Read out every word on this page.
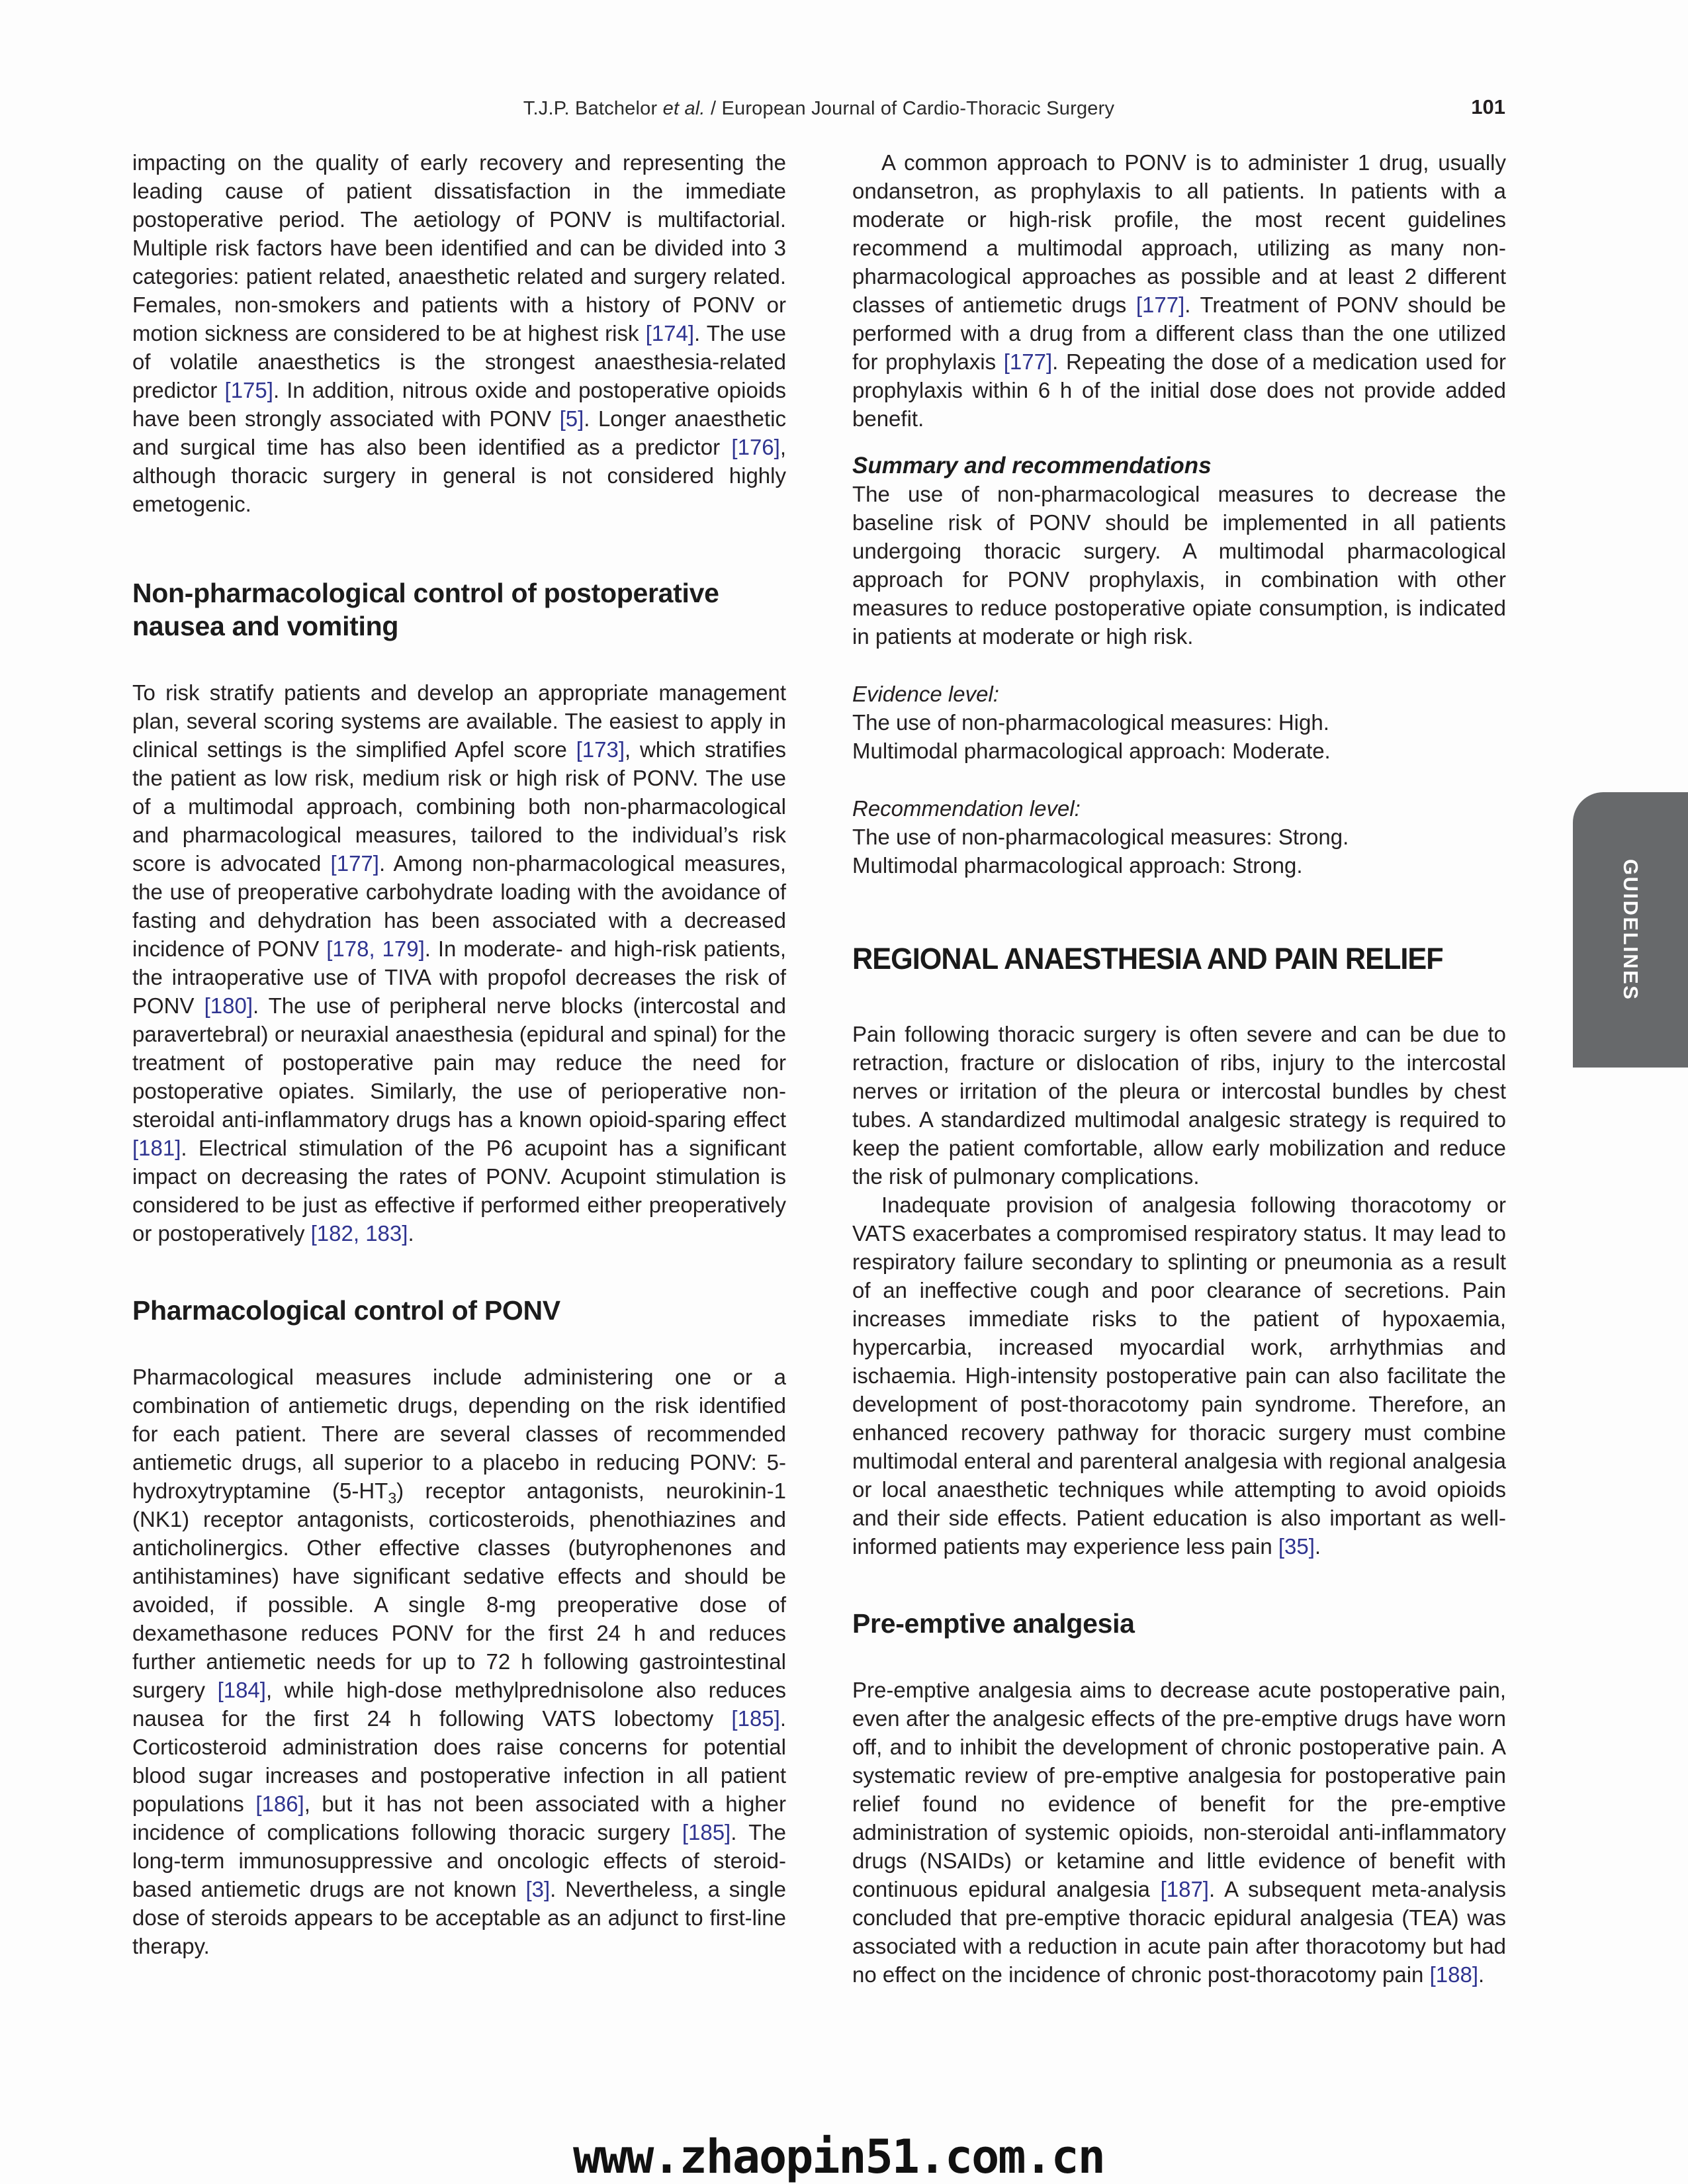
T.J.P. Batchelor et al. / European Journal of Cardio-Thoracic Surgery	101

impacting on the quality of early recovery and representing the leading cause of patient dissatisfaction in the immediate postoperative period. The aetiology of PONV is multifactorial. Multiple risk factors have been identified and can be divided into 3 categories: patient related, anaesthetic related and surgery related. Females, non-smokers and patients with a history of PONV or motion sickness are considered to be at highest risk [174]. The use of volatile anaesthetics is the strongest anaesthesia-related predictor [175]. In addition, nitrous oxide and postoperative opioids have been strongly associated with PONV [5]. Longer anaesthetic and surgical time has also been identified as a predictor [176], although thoracic surgery in general is not considered highly emetogenic.

Non-pharmacological control of postoperative nausea and vomiting

To risk stratify patients and develop an appropriate management plan, several scoring systems are available. The easiest to apply in clinical settings is the simplified Apfel score [173], which stratifies the patient as low risk, medium risk or high risk of PONV. The use of a multimodal approach, combining both non-pharmacological and pharmacological measures, tailored to the individual’s risk score is advocated [177]. Among non-pharmacological measures, the use of preoperative carbohydrate loading with the avoidance of fasting and dehydration has been associated with a decreased incidence of PONV [178, 179]. In moderate- and high-risk patients, the intraoperative use of TIVA with propofol decreases the risk of PONV [180]. The use of peripheral nerve blocks (intercostal and paravertebral) or neuraxial anaesthesia (epidural and spinal) for the treatment of postoperative pain may reduce the need for postoperative opiates. Similarly, the use of perioperative non-steroidal anti-inflammatory drugs has a known opioid-sparing effect [181]. Electrical stimulation of the P6 acupoint has a significant impact on decreasing the rates of PONV. Acupoint stimulation is considered to be just as effective if performed either preoperatively or postoperatively [182, 183].

Pharmacological control of PONV

Pharmacological measures include administering one or a combination of antiemetic drugs, depending on the risk identified for each patient. There are several classes of recommended antiemetic drugs, all superior to a placebo in reducing PONV: 5-hydroxytryptamine $(5-HT_3)$ receptor antagonists, neurokinin-1 (NK1) receptor antagonists, corticosteroids, phenothiazines and anticholinergics. Other effective classes (butyrophenones and antihistamines) have significant sedative effects and should be avoided, if possible. A single 8-mg preoperative dose of dexamethasone reduces PONV for the first 24 h and reduces further antiemetic needs for up to 72 h following gastrointestinal surgery [184], while high-dose methylprednisolone also reduces nausea for the first 24 h following VATS lobectomy [185]. Corticosteroid administration does raise concerns for potential blood sugar increases and postoperative infection in all patient populations [186], but it has not been associated with a higher incidence of complications following thoracic surgery [185]. The long-term immunosuppressive and oncologic effects of steroid-based antiemetic drugs are not known [3]. Nevertheless, a single dose of steroids appears to be acceptable as an adjunct to first-line therapy.

A common approach to PONV is to administer 1 drug, usually ondansetron, as prophylaxis to all patients. In patients with a moderate or high-risk profile, the most recent guidelines recommend a multimodal approach, utilizing as many non-pharmacological approaches as possible and at least 2 different classes of antiemetic drugs [177]. Treatment of PONV should be performed with a drug from a different class than the one utilized for prophylaxis [177]. Repeating the dose of a medication used for prophylaxis within 6 h of the initial dose does not provide added benefit.

Summary and recommendations

The use of non-pharmacological measures to decrease the baseline risk of PONV should be implemented in all patients undergoing thoracic surgery. A multimodal pharmacological approach for PONV prophylaxis, in combination with other measures to reduce postoperative opiate consumption, is indicated in patients at moderate or high risk.

Evidence level:

The use of non-pharmacological measures: High.

Multimodal pharmacological approach: Moderate.

Recommendation level:

The use of non-pharmacological measures: Strong.

Multimodal pharmacological approach: Strong.

REGIONAL ANAESTHESIA AND PAIN RELIEF

Pain following thoracic surgery is often severe and can be due to retraction, fracture or dislocation of ribs, injury to the intercostal nerves or irritation of the pleura or intercostal bundles by chest tubes. A standardized multimodal analgesic strategy is required to keep the patient comfortable, allow early mobilization and reduce the risk of pulmonary complications.

Inadequate provision of analgesia following thoracotomy or VATS exacerbates a compromised respiratory status. It may lead to respiratory failure secondary to splinting or pneumonia as a result of an ineffective cough and poor clearance of secretions. Pain increases immediate risks to the patient of hypoxaemia, hypercarbia, increased myocardial work, arrhythmias and ischaemia. High-intensity postoperative pain can also facilitate the development of post-thoracotomy pain syndrome. Therefore, an enhanced recovery pathway for thoracic surgery must combine multimodal enteral and parenteral analgesia with regional analgesia or local anaesthetic techniques while attempting to avoid opioids and their side effects. Patient education is also important as well-informed patients may experience less pain [35].

Pre-emptive analgesia

Pre-emptive analgesia aims to decrease acute postoperative pain, even after the analgesic effects of the pre-emptive drugs have worn off, and to inhibit the development of chronic postoperative pain. A systematic review of pre-emptive analgesia for postoperative pain relief found no evidence of benefit for the pre-emptive administration of systemic opioids, non-steroidal anti-inflammatory drugs (NSAIDs) or ketamine and little evidence of benefit with continuous epidural analgesia [187]. A subsequent meta-analysis concluded that pre-emptive thoracic epidural analgesia (TEA) was associated with a reduction in acute pain after thoracotomy but had no effect on the incidence of chronic post-thoracotomy pain [188].

GUIDELINES
www.zhaopin51.com.cn
